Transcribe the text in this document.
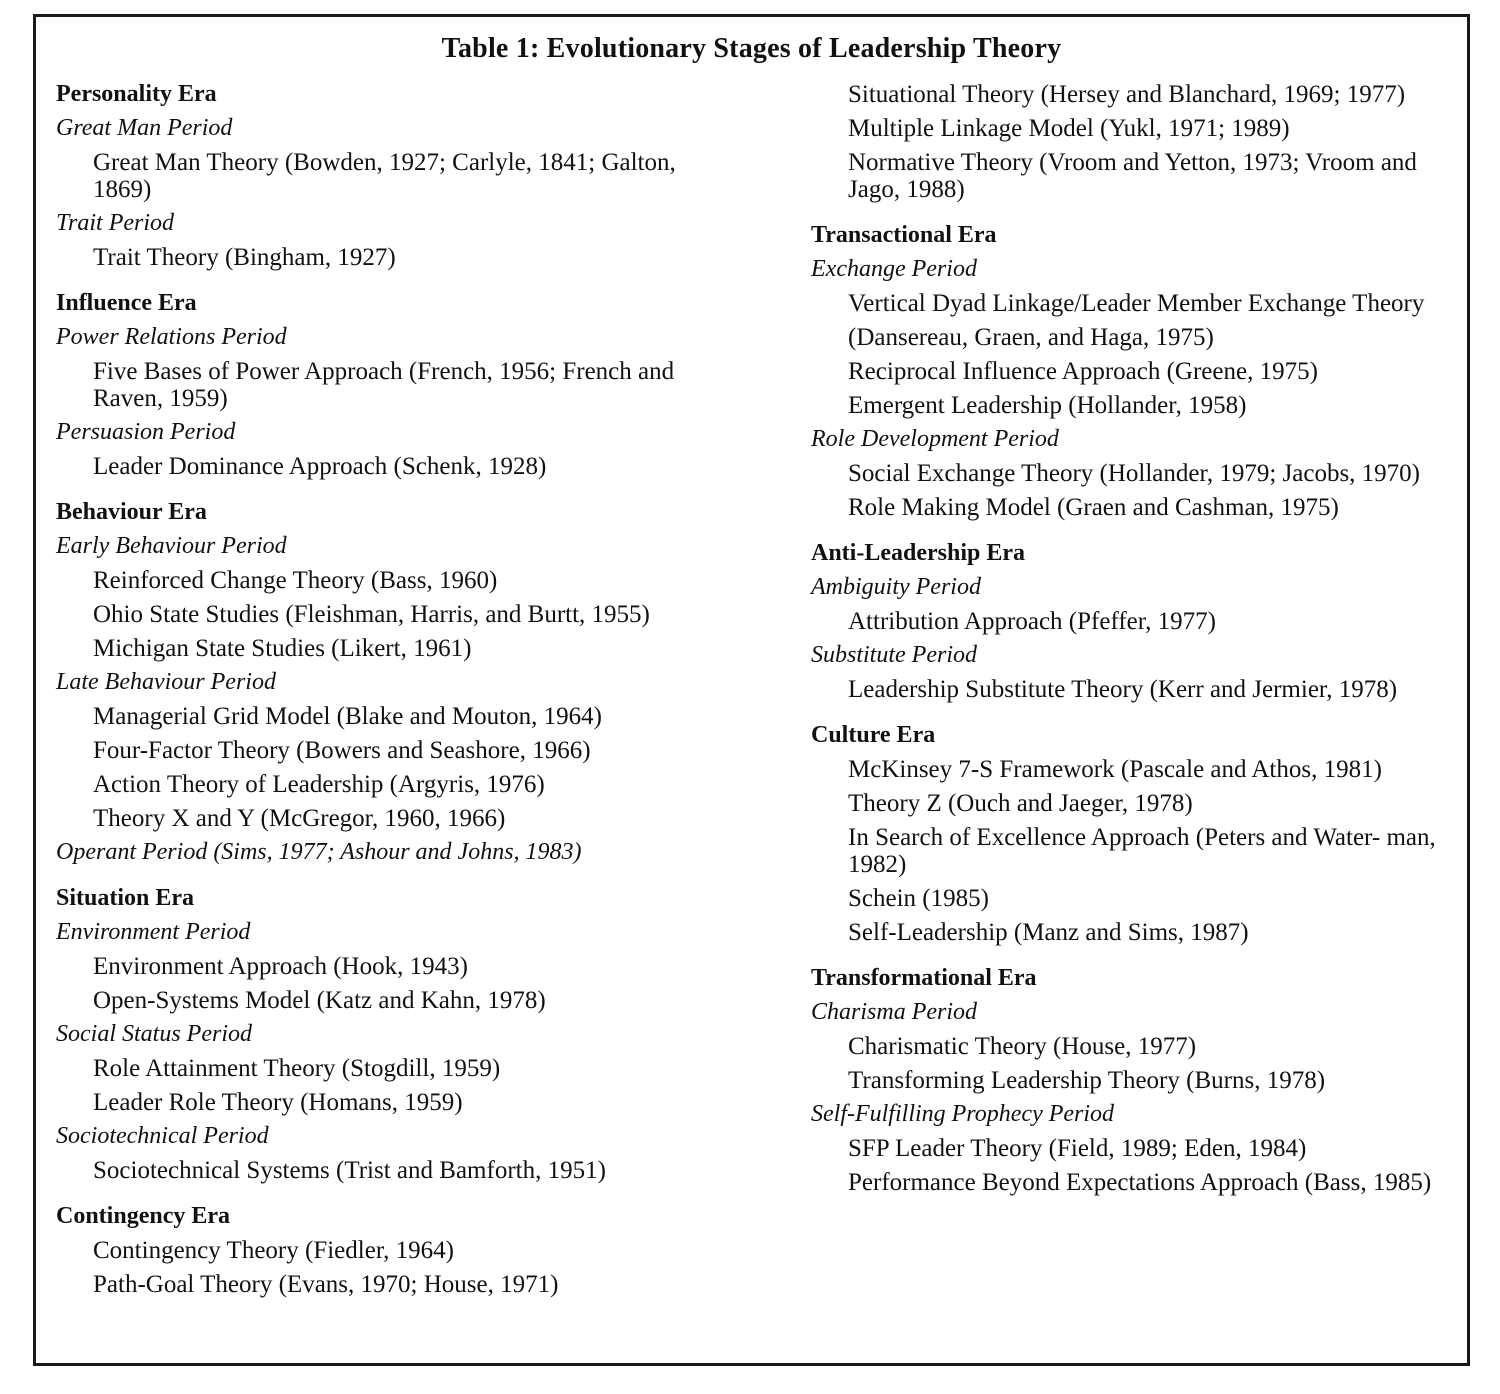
Table 1: Evolutionary Stages of Leadership Theory
Personality Era
Great Man Period
Great Man Theory (Bowden, 1927; Carlyle, 1841; Galton, 1869)
Trait Period
Trait Theory (Bingham, 1927)
Influence Era
Power Relations Period
Five Bases of Power Approach (French, 1956; French and Raven, 1959)
Persuasion Period
Leader Dominance Approach (Schenk, 1928)
Behaviour Era
Early Behaviour Period
Reinforced Change Theory (Bass, 1960)
Ohio State Studies (Fleishman, Harris, and Burtt, 1955)
Michigan State Studies (Likert, 1961)
Late Behaviour Period
Managerial Grid Model (Blake and Mouton, 1964)
Four-Factor Theory (Bowers and Seashore, 1966)
Action Theory of Leadership (Argyris, 1976)
Theory X and Y (McGregor, 1960, 1966)
Operant Period (Sims, 1977; Ashour and Johns, 1983)
Situation Era
Environment Period
Environment Approach (Hook, 1943)
Open-Systems Model (Katz and Kahn, 1978)
Social Status Period
Role Attainment Theory (Stogdill, 1959)
Leader Role Theory (Homans, 1959)
Sociotechnical Period
Sociotechnical Systems (Trist and Bamforth, 1951)
Contingency Era
Contingency Theory (Fiedler, 1964)
Path-Goal Theory (Evans, 1970; House, 1971)
Situational Theory (Hersey and Blanchard, 1969; 1977)
Multiple Linkage Model (Yukl, 1971; 1989)
Normative Theory (Vroom and Yetton, 1973; Vroom and Jago, 1988)
Transactional Era
Exchange Period
Vertical Dyad Linkage/Leader Member Exchange Theory
(Dansereau, Graen, and Haga, 1975)
Reciprocal Influence Approach (Greene, 1975)
Emergent Leadership (Hollander, 1958)
Role Development Period
Social Exchange Theory (Hollander, 1979; Jacobs, 1970)
Role Making Model (Graen and Cashman, 1975)
Anti-Leadership Era
Ambiguity Period
Attribution Approach (Pfeffer, 1977)
Substitute Period
Leadership Substitute Theory (Kerr and Jermier, 1978)
Culture Era
McKinsey 7-S Framework (Pascale and Athos, 1981)
Theory Z (Ouch and Jaeger, 1978)
In Search of Excellence Approach (Peters and Water- man, 1982)
Schein (1985)
Self-Leadership (Manz and Sims, 1987)
Transformational Era
Charisma Period
Charismatic Theory (House, 1977)
Transforming Leadership Theory (Burns, 1978)
Self-Fulfilling Prophecy Period
SFP Leader Theory (Field, 1989; Eden, 1984)
Performance Beyond Expectations Approach (Bass, 1985)
